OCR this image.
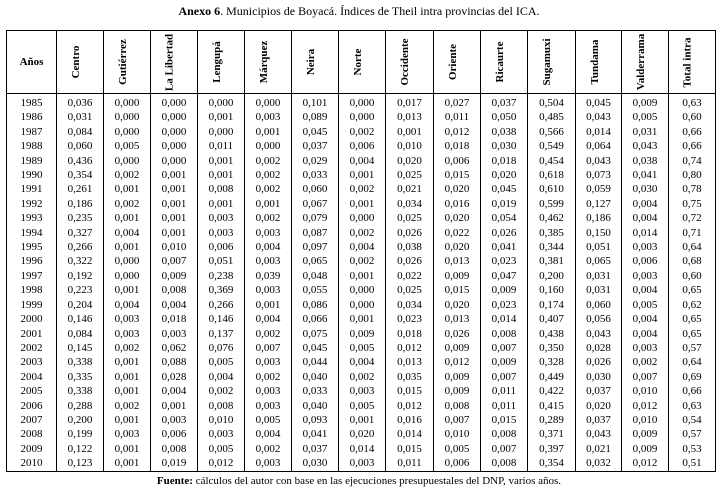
Anexo 6. Municipios de Boyacá. Índices de Theil intra provincias del ICA.
Años	Centro	Gutiérrez	La Libertad	Lengupá	Márquez	Neira	Norte	Occidente	Oriente	Ricaurte	Sugamuxi	Tundama	Valderrama	Total intra

1985	0,036	0,000	0,000	0,000	0,000	0,101	0,000	0,017	0,027	0,037	0,504	0,045	0,009	0,63
1986	0,031	0,000	0,000	0,001	0,003	0,089	0,000	0,013	0,011	0,050	0,485	0,043	0,005	0,60
1987	0,084	0,000	0,000	0,000	0,001	0,045	0,002	0,001	0,012	0,038	0,566	0,014	0,031	0,66
1988	0,060	0,005	0,000	0,011	0,000	0,037	0,006	0,010	0,018	0,030	0,549	0,064	0,043	0,66
1989	0,436	0,000	0,000	0,001	0,002	0,029	0,004	0,020	0,006	0,018	0,454	0,043	0,038	0,74
1990	0,354	0,002	0,001	0,001	0,002	0,033	0,001	0,025	0,015	0,020	0,618	0,073	0,041	0,80
1991	0,261	0,001	0,001	0,008	0,002	0,060	0,002	0,021	0,020	0,045	0,610	0,059	0,030	0,78
1992	0,186	0,002	0,001	0,001	0,001	0,067	0,001	0,034	0,016	0,019	0,599	0,127	0,004	0,75
1993	0,235	0,001	0,001	0,003	0,002	0,079	0,000	0,025	0,020	0,054	0,462	0,186	0,004	0,72
1994	0,327	0,004	0,001	0,003	0,003	0,087	0,002	0,026	0,022	0,026	0,385	0,150	0,014	0,71
1995	0,266	0,001	0,010	0,006	0,004	0,097	0,004	0,038	0,020	0,041	0,344	0,051	0,003	0,64
1996	0,322	0,000	0,007	0,051	0,003	0,065	0,002	0,026	0,013	0,023	0,381	0,065	0,006	0,68
1997	0,192	0,000	0,009	0,238	0,039	0,048	0,001	0,022	0,009	0,047	0,200	0,031	0,003	0,60
1998	0,223	0,001	0,008	0,369	0,003	0,055	0,000	0,025	0,015	0,009	0,160	0,031	0,004	0,65
1999	0,204	0,004	0,004	0,266	0,001	0,086	0,000	0,034	0,020	0,023	0,174	0,060	0,005	0,62
2000	0,146	0,003	0,018	0,146	0,004	0,066	0,001	0,023	0,013	0,014	0,407	0,056	0,004	0,65
2001	0,084	0,003	0,003	0,137	0,002	0,075	0,009	0,018	0,026	0,008	0,438	0,043	0,004	0,65
2002	0,145	0,002	0,062	0,076	0,007	0,045	0,005	0,012	0,009	0,007	0,350	0,028	0,003	0,57
2003	0,338	0,001	0,088	0,005	0,003	0,044	0,004	0,013	0,012	0,009	0,328	0,026	0,002	0,64
2004	0,335	0,001	0,028	0,004	0,002	0,040	0,002	0,035	0,009	0,007	0,449	0,030	0,007	0,69
2005	0,338	0,001	0,004	0,002	0,003	0,033	0,003	0,015	0,009	0,011	0,422	0,037	0,010	0,66
2006	0,288	0,002	0,001	0,008	0,003	0,040	0,005	0,012	0,008	0,011	0,415	0,020	0,012	0,63
2007	0,200	0,001	0,003	0,010	0,005	0,093	0,001	0,016	0,007	0,015	0,289	0,037	0,010	0,54
2008	0,199	0,003	0,006	0,003	0,004	0,041	0,020	0,014	0,010	0,008	0,371	0,043	0,009	0,57
2009	0,122	0,001	0,008	0,005	0,002	0,037	0,014	0,015	0,005	0,007	0,397	0,021	0,009	0,53
2010	0,123	0,001	0,019	0,012	0,003	0,030	0,003	0,011	0,006	0,008	0,354	0,032	0,012	0,51
Fuente: cálculos del autor con base en las ejecuciones presupuestales del DNP, varios años.
